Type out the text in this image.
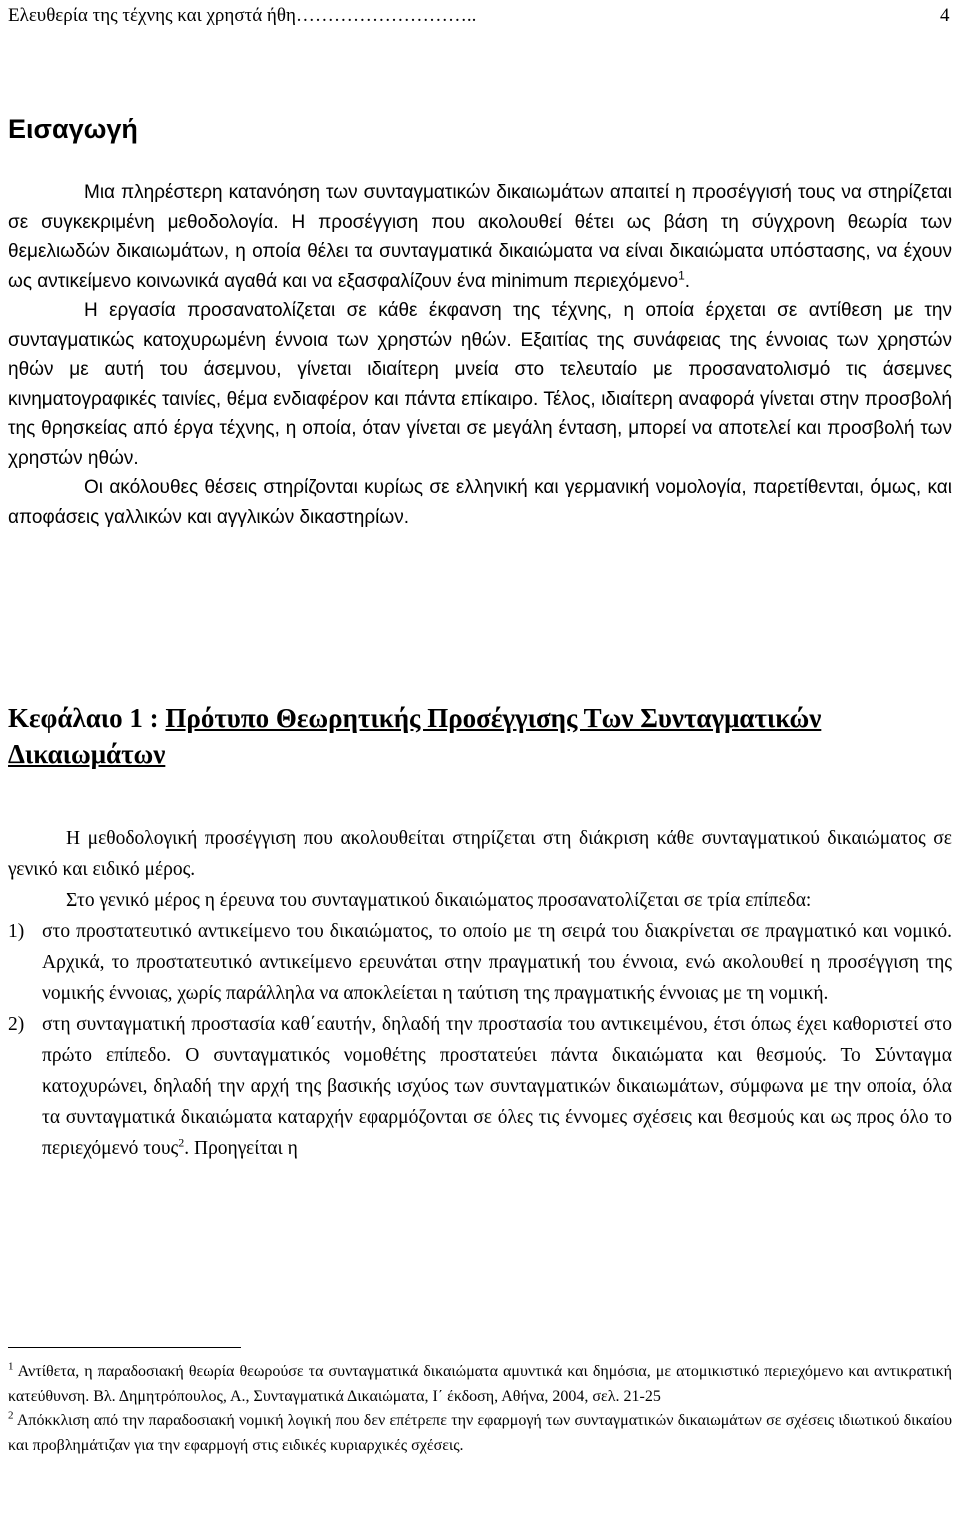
Ελευθερία της τέχνης και χρηστά ήθη………………………..	4
Εισαγωγή

Μια πληρέστερη κατανόηση των συνταγματικών δικαιωμάτων απαιτεί η προσέγγισή τους να στηρίζεται σε συγκεκριμένη μεθοδολογία. Η προσέγγιση που ακολουθεί θέτει ως βάση τη σύγχρονη θεωρία των θεμελιωδών δικαιωμάτων, η οποία θέλει τα συνταγματικά δικαιώματα να είναι δικαιώματα υπόστασης, να έχουν ως αντικείμενο κοινωνικά αγαθά και να εξασφαλίζουν ένα minimum περιεχόμενο$^1$.

Η εργασία προσανατολίζεται σε κάθε έκφανση της τέχνης, η οποία έρχεται σε αντίθεση με την συνταγματικώς κατοχυρωμένη έννοια των χρηστών ηθών. Εξαιτίας της συνάφειας της έννοιας των χρηστών ηθών με αυτή του άσεμνου, γίνεται ιδιαίτερη μνεία στο τελευταίο με προσανατολισμό τις άσεμνες κινηματογραφικές ταινίες, θέμα ενδιαφέρον και πάντα επίκαιρο. Τέλος, ιδιαίτερη αναφορά γίνεται στην προσβολή της θρησκείας από έργα τέχνης, η οποία, όταν γίνεται σε μεγάλη ένταση, μπορεί να αποτελεί και προσβολή των χρηστών ηθών.

Οι ακόλουθες θέσεις στηρίζονται κυρίως σε ελληνική και γερμανική νομολογία, παρετίθενται, όμως, και αποφάσεις γαλλικών και αγγλικών δικαστηρίων.

Κεφάλαιο 1 : Πρότυπο Θεωρητικής Προσέγγισης Των Συνταγματικών Δικαιωμάτων

Η μεθοδολογική προσέγγιση που ακολουθείται στηρίζεται στη διάκριση κάθε συνταγματικού δικαιώματος σε γενικό και ειδικό μέρος.

Στο γενικό μέρος η έρευνα του συνταγματικού δικαιώματος προσανατολίζεται σε τρία επίπεδα:

1) στο προστατευτικό αντικείμενο του δικαιώματος, το οποίο με τη σειρά του διακρίνεται σε πραγματικό και νομικό. Αρχικά, το προστατευτικό αντικείμενο ερευνάται στην πραγματική του έννοια, ενώ ακολουθεί η προσέγγιση της νομικής έννοιας, χωρίς παράλληλα να αποκλείεται η ταύτιση της πραγματικής έννοιας με τη νομική.
2) στη συνταγματική προστασία καθ΄εαυτήν, δηλαδή την προστασία του αντικειμένου, έτσι όπως έχει καθοριστεί στο πρώτο επίπεδο. Ο συνταγματικός νομοθέτης προστατεύει πάντα δικαιώματα και θεσμούς. Το Σύνταγμα κατοχυρώνει, δηλαδή την αρχή της βασικής ισχύος των συνταγματικών δικαιωμάτων, σύμφωνα με την οποία, όλα τα συνταγματικά δικαιώματα καταρχήν εφαρμόζονται σε όλες τις έννομες σχέσεις και θεσμούς και ως προς όλο το περιεχόμενό τους$^2$. Προηγείται η

$^1$ Αντίθετα, η παραδοσιακή θεωρία θεωρούσε τα συνταγματικά δικαιώματα αμυντικά και δημόσια, με ατομικιστικό περιεχόμενο και αντικρατική κατεύθυνση. Βλ. Δημητρόπουλος, Α., Συνταγματικά Δικαιώματα, Ι΄ έκδοση, Αθήνα, 2004, σελ. 21-25

$^2$ Απόκκλιση από την παραδοσιακή νομική λογική που δεν επέτρεπε την εφαρμογή των συνταγματικών δικαιωμάτων σε σχέσεις ιδιωτικού δικαίου και προβλημάτιζαν για την εφαρμογή στις ειδικές κυριαρχικές σχέσεις.
